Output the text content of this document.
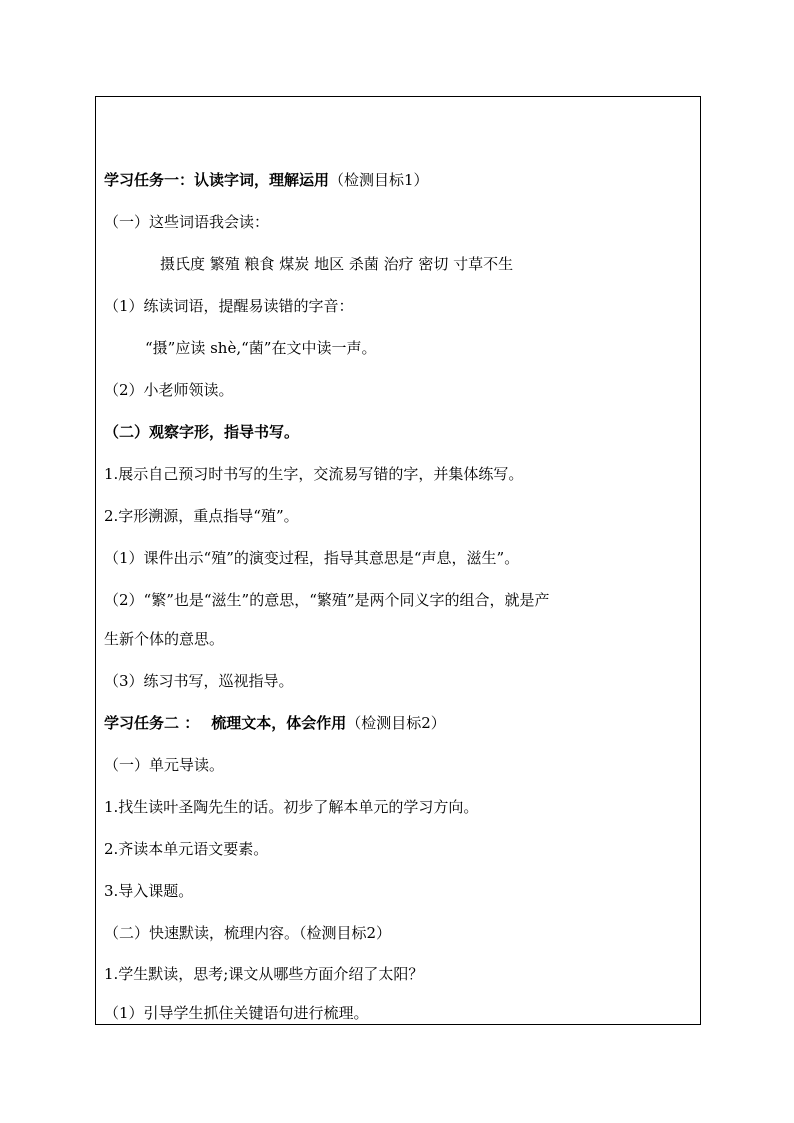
学习任务一：认读字词，理解运用（检测目标1）
（一）这些词语我会读：
摄氏度 繁殖 粮食 煤炭 地区 杀菌 治疗 密切 寸草不生
（1）练读词语，提醒易读错的字音：
“摄”应读 shè,“菌”在文中读一声。
（2）小老师领读。
（二）观察字形，指导书写。
1.展示自己预习时书写的生字，交流易写错的字，并集体练写。
2.字形溯源，重点指导“殖”。
（1）课件出示“殖”的演变过程，指导其意思是“声息，滋生”。
（2）“繁”也是“滋生”的意思，“繁殖”是两个同义字的组合，就是产
生新个体的意思。
（3）练习书写，巡视指导。
学习任务二 ： 梳理文本，体会作用（检测目标2）
（一）单元导读。
1.找生读叶圣陶先生的话。初步了解本单元的学习方向。
2.齐读本单元语文要素。
3.导入课题。
（二）快速默读，梳理内容。（检测目标2）
1.学生默读，思考;课文从哪些方面介绍了太阳？
（1）引导学生抓住关键语句进行梳理。
